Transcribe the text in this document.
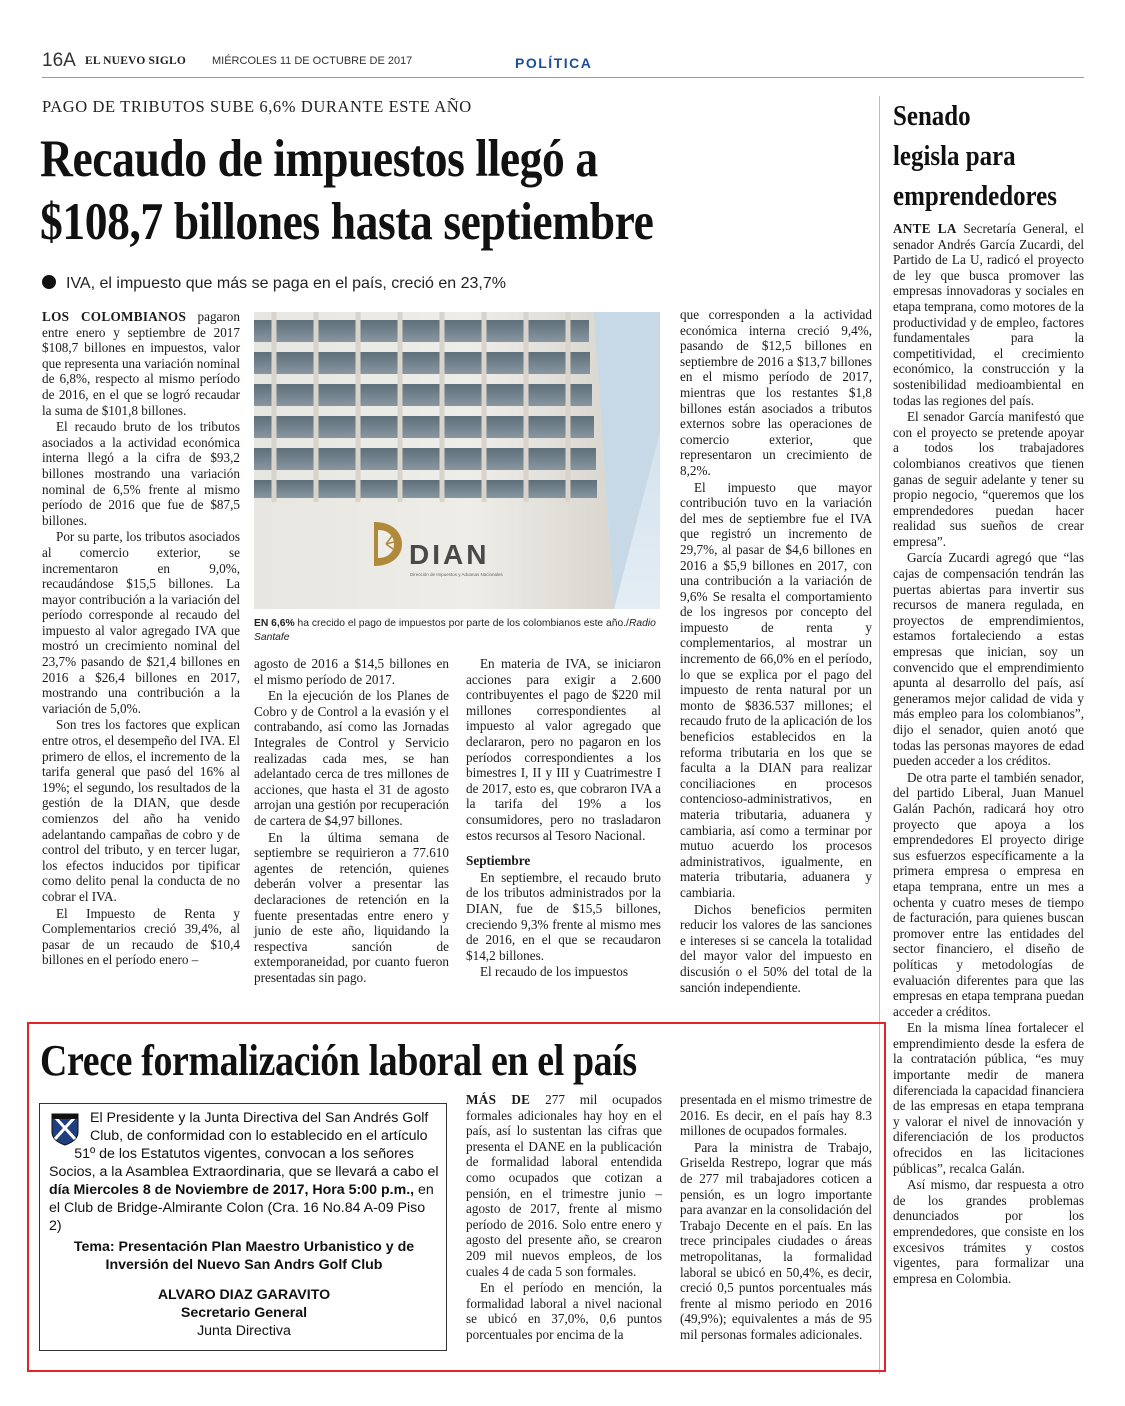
16A EL NUEVO SIGLO MIÉRCOLES 11 DE OCTUBRE DE 2017	POLÍTICA
PAGO DE TRIBUTOS SUBE 6,6% DURANTE ESTE AÑO
Recaudo de impuestos llegó a
$108,7 billones hasta septiembre
IVA, el impuesto que más se paga en el país, creció en 23,7%
DIAN
Dirección de Impuestos y Aduanas Nacionales
EN 6,6% ha crecido el pago de impuestos por parte de los colombianos este año./Radio Santafe

LOS COLOMBIANOS pagaron entre enero y septiembre de 2017 $108,7 billones en impuestos, valor que representa una variación nominal de 6,8%, respecto al mismo período de 2016, en el que se logró recaudar la suma de $101,8 billones.

El recaudo bruto de los tributos asociados a la actividad económica interna llegó a la cifra de $93,2 billones mostrando una variación nominal de 6,5% frente al mismo período de 2016 que fue de $87,5 billones.

Por su parte, los tributos asociados al comercio exterior, se incrementaron en 9,0%, recaudándose $15,5 billones. La mayor contribución a la variación del período corresponde al recaudo del impuesto al valor agregado IVA que mostró un crecimiento nominal del 23,7% pasando de $21,4 billones en 2016 a $26,4 billones en 2017, mostrando una contribución a la variación de 5,0%.

Son tres los factores que explican entre otros, el desempeño del IVA. El primero de ellos, el incremento de la tarifa general que pasó del 16% al 19%; el segundo, los resultados de la gestión de la DIAN, que desde comienzos del año ha venido adelantando campañas de cobro y de control del tributo, y en tercer lugar, los efectos inducidos por tipificar como delito penal la conducta de no cobrar el IVA.

El Impuesto de Renta y Complementarios creció 39,4%, al pasar de un recaudo de $10,4 billones en el período enero –

agosto de 2016 a $14,5 billones en el mismo período de 2017.

En la ejecución de los Planes de Cobro y de Control a la evasión y el contrabando, así como las Jornadas Integrales de Control y Servicio realizadas cada mes, se han adelantado cerca de tres millones de acciones, que hasta el 31 de agosto arrojan una gestión por recuperación de cartera de $4,97 billones.

En la última semana de septiembre se requirieron a 77.610 agentes de retención, quienes deberán volver a presentar las declaraciones de retención en la fuente presentadas entre enero y junio de este año, liquidando la respectiva sanción de extemporaneidad, por cuanto fueron presentadas sin pago.

En materia de IVA, se iniciaron acciones para exigir a 2.600 contribuyentes el pago de $220 mil millones correspondientes al impuesto al valor agregado que declararon, pero no pagaron en los períodos correspondientes a los bimestres I, II y III y Cuatrimestre I de 2017, esto es, que cobraron IVA a la tarifa del 19% a los consumidores, pero no trasladaron estos recursos al Tesoro Nacional.

Septiembre

En septiembre, el recaudo bruto de los tributos administrados por la DIAN, fue de $15,5 billones, creciendo 9,3% frente al mismo mes de 2016, en el que se recaudaron $14,2 billones.

El recaudo de los impuestos

que corresponden a la actividad económica interna creció 9,4%, pasando de $12,5 billones en septiembre de 2016 a $13,7 billones en el mismo período de 2017, mientras que los restantes $1,8 billones están asociados a tributos externos sobre las operaciones de comercio exterior, que representaron un crecimiento de 8,2%.

El impuesto que mayor contribución tuvo en la variación del mes de septiembre fue el IVA que registró un incremento de 29,7%, al pasar de $4,6 billones en 2016 a $5,9 billones en 2017, con una contribución a la variación de 9,6% Se resalta el comportamiento de los ingresos por concepto del impuesto de renta y complementarios, al mostrar un incremento de 66,0% en el período, lo que se explica por el pago del impuesto de renta natural por un monto de $836.537 millones; el recaudo fruto de la aplicación de los beneficios establecidos en la reforma tributaria en los que se faculta a la DIAN para realizar conciliaciones en procesos contencioso-administrativos, en materia tributaria, aduanera y cambiaria, así como a terminar por mutuo acuerdo los procesos administrativos, igualmente, en materia tributaria, aduanera y cambiaria.

Dichos beneficios permiten reducir los valores de las sanciones e intereses si se cancela la totalidad del mayor valor del impuesto en discusión o el 50% del total de la sanción independiente.

Senado
legisla para
emprendedores

ANTE LA Secretaría General, el senador Andrés García Zucardi, del Partido de La U, radicó el proyecto de ley que busca promover las empresas innovadoras y sociales en etapa temprana, como motores de la productividad y de empleo, factores fundamentales para la competitividad, el crecimiento económico, la construcción y la sostenibilidad medioambiental en todas las regiones del país.

El senador García manifestó que con el proyecto se pretende apoyar a todos los trabajadores colombianos creativos que tienen ganas de seguir adelante y tener su propio negocio, “queremos que los emprendedores puedan hacer realidad sus sueños de crear empresa”.

García Zucardi agregó que “las cajas de compensación tendrán las puertas abiertas para invertir sus recursos de manera regulada, en proyectos de emprendimientos, estamos fortaleciendo a estas empresas que inician, soy un convencido que el emprendimiento apunta al desarrollo del país, así generamos mejor calidad de vida y más empleo para los colombianos”, dijo el senador, quien anotó que todas las personas mayores de edad pueden acceder a los créditos.

De otra parte el también senador, del partido Liberal, Juan Manuel Galán Pachón, radicará hoy otro proyecto que apoya a los emprendedores El proyecto dirige sus esfuerzos específicamente a la primera empresa o empresa en etapa temprana, entre un mes a ochenta y cuatro meses de tiempo de facturación, para quienes buscan promover entre las entidades del sector financiero, el diseño de políticas y metodologías de evaluación diferentes para que las empresas en etapa temprana puedan acceder a créditos.

En la misma línea fortalecer el emprendimiento desde la esfera de la contratación pública, “es muy importante medir de manera diferenciada la capacidad financiera de las empresas en etapa temprana y valorar el nivel de innovación y diferenciación de los productos ofrecidos en las licitaciones públicas”, recalca Galán.

Así mismo, dar respuesta a otro de los grandes problemas denunciados por los emprendedores, que consiste en los excesivos trámites y costos vigentes, para formalizar una empresa en Colombia.

Crece formalización laboral en el país
El Presidente y la Junta Directiva del San Andrés Golf
Club, de conformidad con lo establecido en el artículo
51º de los Estatutos vigentes, convocan a los señores
Socios, a la Asamblea Extraordinaria, que se llevará a cabo el
día Miercoles 8 de Noviembre de 2017, Hora 5:00 p.m., en
el Club de Bridge-Almirante Colon (Cra. 16 No.84 A-09 Piso 2)
Tema: Presentación Plan Maestro Urbanistico y de
Inversión del Nuevo San Andrs Golf Club
ALVARO DIAZ GARAVITO
Secretario General
Junta Directiva

MÁS DE 277 mil ocupados formales adicionales hay hoy en el país, así lo sustentan las cifras que presenta el DANE en la publicación de formalidad laboral entendida como ocupados que cotizan a pensión, en el trimestre junio – agosto de 2017, frente al mismo período de 2016. Solo entre enero y agosto del presente año, se crearon 209 mil nuevos empleos, de los cuales 4 de cada 5 son formales.

En el período en mención, la formalidad laboral a nivel nacional se ubicó en 37,0%, 0,6 puntos porcentuales por encima de la

presentada en el mismo trimestre de 2016. Es decir, en el país hay 8.3 millones de ocupados formales.

Para la ministra de Trabajo, Griselda Restrepo, lograr que más de 277 mil trabajadores coticen a pensión, es un logro importante para avanzar en la consolidación del Trabajo Decente en el país. En las trece principales ciudades o áreas metropolitanas, la formalidad laboral se ubicó en 50,4%, es decir, creció 0,5 puntos porcentuales más frente al mismo periodo en 2016 (49,9%); equivalentes a más de 95 mil personas formales adicionales.
